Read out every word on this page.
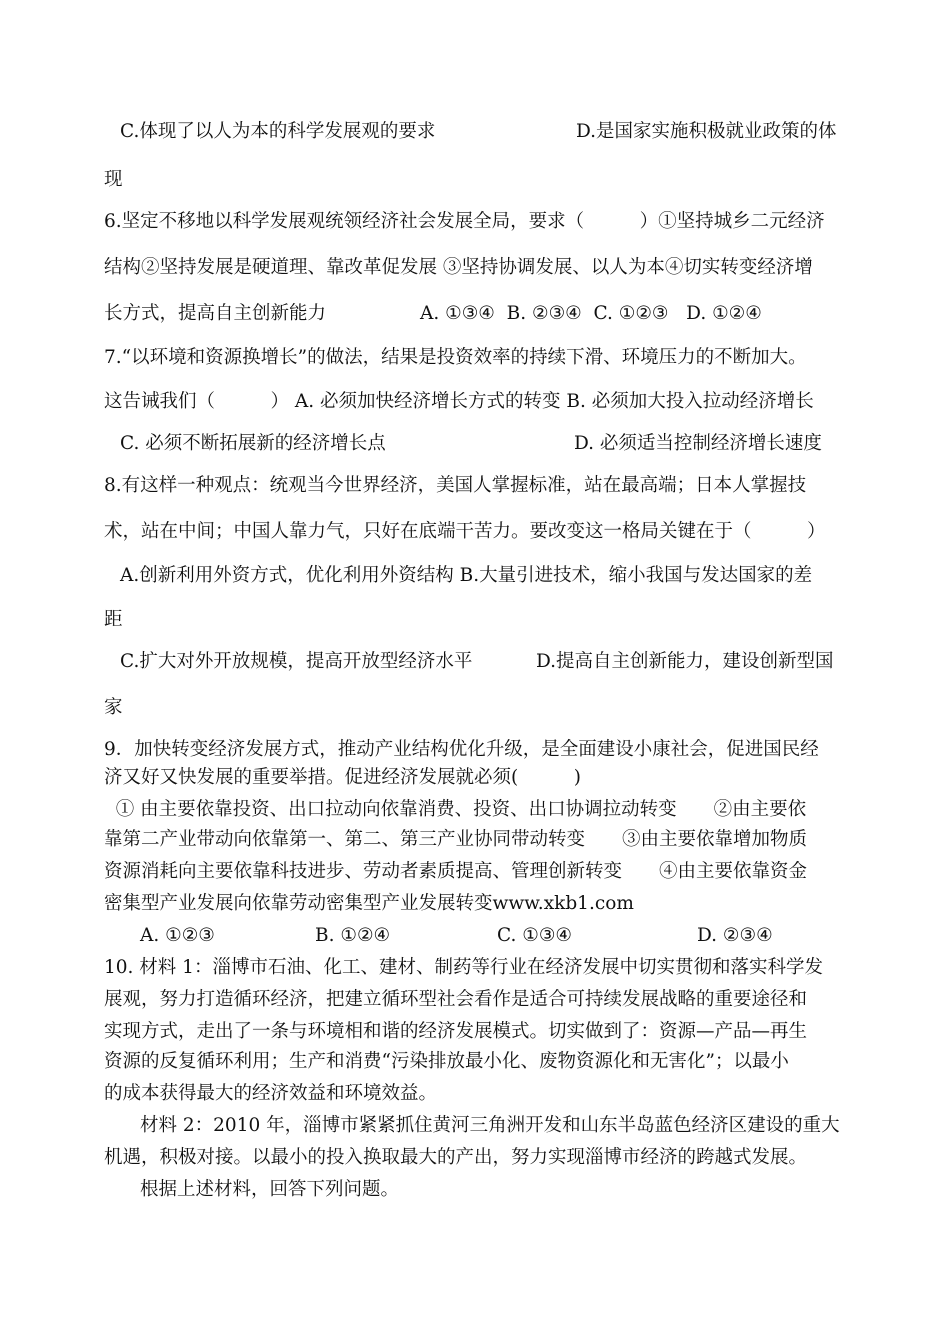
C.体现了以人为本的科学发展观的要求	D.是国家实施积极就业政策的体
现
6.坚定不移地以科学发展观统领经济社会发展全局，要求（　　　）①坚持城乡二元经济
结构②坚持发展是硬道理、靠改革促发展 ③坚持协调发展、以人为本④切实转变经济增
长方式，提高自主创新能力	A. ①③④  B. ②③④  C. ①②③   D. ①②④
7.“以环境和资源换增长”的做法，结果是投资效率的持续下滑、环境压力的不断加大。
这告诫我们（　　　） A. 必须加快经济增长方式的转变 B. 必须加大投入拉动经济增长
C. 必须不断拓展新的经济增长点	D. 必须适当控制经济增长速度
8.有这样一种观点：统观当今世界经济，美国人掌握标准，站在最高端；日本人掌握技
术，站在中间；中国人靠力气，只好在底端干苦力。要改变这一格局关键在于（　　　）
A.创新利用外资方式，优化利用外资结构 B.大量引进技术，缩小我国与发达国家的差
距
C.扩大对外开放规模，提高开放型经济水平	D.提高自主创新能力，建设创新型国
家
9．加快转变经济发展方式，推动产业结构优化升级，是全面建设小康社会，促进国民经
济又好又快发展的重要举措。促进经济发展就必须(　　　)
① 由主要依靠投资、出口拉动向依靠消费、投资、出口协调拉动转变　　②由主要依
靠第二产业带动向依靠第一、第二、第三产业协同带动转变　　③由主要依靠增加物质
资源消耗向主要依靠科技进步、劳动者素质提高、管理创新转变　　④由主要依靠资金
密集型产业发展向依靠劳动密集型产业发展转变www.xkb1.com
A. ①②③	B. ①②④	C. ①③④	D. ②③④
10. 材料 1：淄博市石油、化工、建材、制药等行业在经济发展中切实贯彻和落实科学发
展观，努力打造循环经济，把建立循环型社会看作是适合可持续发展战略的重要途径和
实现方式，走出了一条与环境相和谐的经济发展模式。切实做到了：资源—产品—再生
资源的反复循环利用；生产和消费“污染排放最小化、废物资源化和无害化”；以最小
的成本获得最大的经济效益和环境效益。
材料 2：2010 年，淄博市紧紧抓住黄河三角洲开发和山东半岛蓝色经济区建设的重大
机遇，积极对接。以最小的投入换取最大的产出，努力实现淄博市经济的跨越式发展。
根据上述材料，回答下列问题。
